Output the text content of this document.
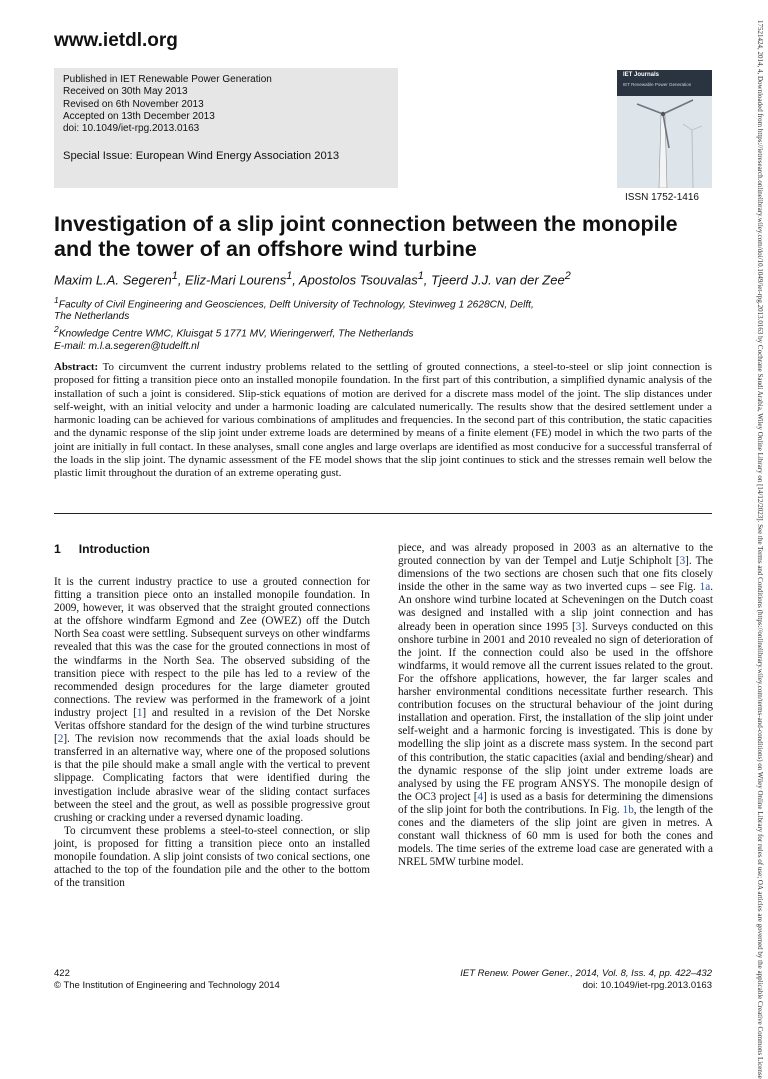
www.ietdl.org
Published in IET Renewable Power Generation
Received on 30th May 2013
Revised on 6th November 2013
Accepted on 13th December 2013
doi: 10.1049/iet-rpg.2013.0163
Special Issue: European Wind Energy Association 2013
IET Journals
IET Renewable Power Generation
ISSN 1752-1416
Investigation of a slip joint connection between the monopile and the tower of an offshore wind turbine
Maxim L.A. Segeren$^1$, Eliz-Mari Lourens$^1$, Apostolos Tsouvalas$^1$, Tjeerd J.J. van der Zee$^2$
$^1$Faculty of Civil Engineering and Geosciences, Delft University of Technology, Stevinweg 1 2628CN, Delft,
The Netherlands
$^2$Knowledge Centre WMC, Kluisgat 5 1771 MV, Wieringerwerf, The Netherlands
E-mail: m.l.a.segeren@tudelft.nl
Abstract: To circumvent the current industry problems related to the settling of grouted connections, a steel-to-steel or slip joint connection is proposed for fitting a transition piece onto an installed monopile foundation. In the first part of this contribution, a simplified dynamic analysis of the installation of such a joint is considered. Slip-stick equations of motion are derived for a discrete mass model of the joint. The slip distances under self-weight, with an initial velocity and under a harmonic loading are calculated numerically. The results show that the desired settlement under a harmonic loading can be achieved for various combinations of amplitudes and frequencies. In the second part of this contribution, the static capacities and the dynamic response of the slip joint under extreme loads are determined by means of a finite element (FE) model in which the two parts of the joint are initially in full contact. In these analyses, small cone angles and large overlaps are identified as most conducive for a successful transferral of the loads in the slip joint. The dynamic assessment of the FE model shows that the slip joint continues to stick and the stresses remain well below the plastic limit throughout the duration of an extreme operating gust.
1 Introduction

It is the current industry practice to use a grouted connection for fitting a transition piece onto an installed monopile foundation. In 2009, however, it was observed that the straight grouted connections at the offshore windfarm Egmond and Zee (OWEZ) off the Dutch North Sea coast were settling. Subsequent surveys on other windfarms revealed that this was the case for the grouted connections in most of the windfarms in the North Sea. The observed subsiding of the transition piece with respect to the pile has led to a review of the recommended design procedures for the large diameter grouted connections. The review was performed in the framework of a joint industry project [1] and resulted in a revision of the Det Norske Veritas offshore standard for the design of the wind turbine structures [2]. The revision now recommends that the axial loads should be transferred in an alternative way, where one of the proposed solutions is that the pile should make a small angle with the vertical to prevent slippage. Complicating factors that were identified during the investigation include abrasive wear of the sliding contact surfaces between the steel and the grout, as well as possible progressive grout crushing or cracking under a reversed dynamic loading.

To circumvent these problems a steel-to-steel connection, or slip joint, is proposed for fitting a transition piece onto an installed monopile foundation. A slip joint consists of two conical sections, one attached to the top of the foundation pile and the other to the bottom of the transition

piece, and was already proposed in 2003 as an alternative to the grouted connection by van der Tempel and Lutje Schipholt [3]. The dimensions of the two sections are chosen such that one fits closely inside the other in the same way as two inverted cups – see Fig. 1a. An onshore wind turbine located at Scheveningen on the Dutch coast was designed and installed with a slip joint connection and has already been in operation since 1995 [3]. Surveys conducted on this onshore turbine in 2001 and 2010 revealed no sign of deterioration of the joint. If the connection could also be used in the offshore windfarms, it would remove all the current issues related to the grout. For the offshore applications, however, the far larger scales and harsher environmental conditions necessitate further research. This contribution focuses on the structural behaviour of the joint during installation and operation. First, the installation of the slip joint under self-weight and a harmonic forcing is investigated. This is done by modelling the slip joint as a discrete mass system. In the second part of this contribution, the static capacities (axial and bending/shear) and the dynamic response of the slip joint under extreme loads are analysed by using the FE program ANSYS. The monopile design of the OC3 project [4] is used as a basis for determining the dimensions of the slip joint for both the contributions. In Fig. 1b, the length of the cones and the diameters of the slip joint are given in metres. A constant wall thickness of 60 mm is used for both the cones and models. The time series of the extreme load case are generated with a NREL 5MW turbine model.

422
© The Institution of Engineering and Technology 2014
IET Renew. Power Gener., 2014, Vol. 8, Iss. 4, pp. 422–432
doi: 10.1049/iet-rpg.2013.0163	17521424, 2014, 4, Downloaded from https://ietresearch.onlinelibrary.wiley.com/doi/10.1049/iet-rpg.2013.0163 by Cochrane Saudi Arabia, Wiley Online Library on [14/12/2023]. See the Terms and Conditions (https://onlinelibrary.wiley.com/terms-and-conditions) on Wiley Online Library for rules of use; OA articles are governed by the applicable Creative Commons License
